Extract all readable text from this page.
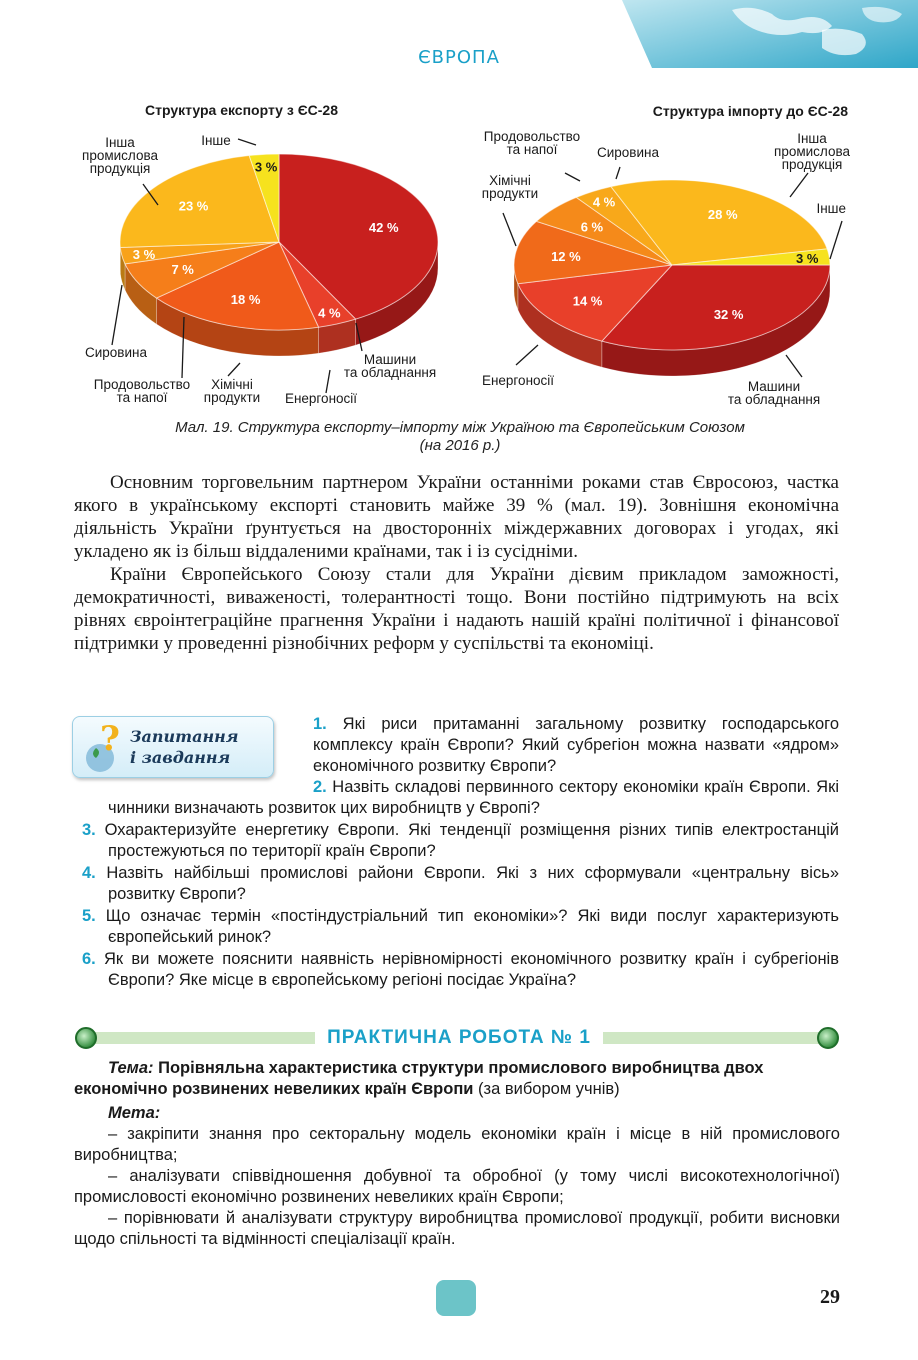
ЄВРОПА
Структура експорту з ЄС-28	Структура імпорту до ЄС-28
42 %
4 %
18 %
7 %
3 %
23 %
3 %
32 %
14 %
12 %
6 %
4 %
28 %
3 %
Інше
Інша промислова продукція
Сировина
Продовольство та напої
Хімічні продукти Енергоносії
Машини та обладнання
Продовольство та напої	Сировина
Хімічні продукти
Інша промислова продукція
Інше
Енергоносії	Машини та обладнання
Мал. 19. Структура експорту–імпорту між Україною та Європейським Союзом
(на 2016 р.)

Основним торговельним партнером України останніми роками став Євросоюз, частка якого в українському експорті становить майже 39 % (мал. 19). Зовнішня економічна діяльність України ґрунтується на двосторонніх міждержавних договорах і угодах, які укладено як із більш віддаленими країнами, так і із сусідніми.

Країни Європейського Союзу стали для України дієвим прикладом заможності, демократичності, виваженості, толерантності тощо. Вони постійно підтримують на всіх рівнях євроінтеграційне прагнення України і надають нашій країні політичної і фінансової підтримки у проведенні різнобічних реформ у суспільстві та економіці.

? Запитання
і завдання
1. Які риси притаманні загальному розвитку господарського комплексу країн Європи? Який субрегіон можна назвати «ядром» економічного розвитку Європи?
2. Назвіть складові первинного сектору економіки країн Європи. Які чинники визначають розвиток цих виробництв у Європі?
3. Охарактеризуйте енергетику Європи. Які тенденції розміщення різних типів електростанцій простежуються по території країн Європи?
4. Назвіть найбільші промислові райони Європи. Які з них сформували «центральну вісь» розвитку Європи?
5. Що означає термін «постіндустріальний тип економіки»? Які види послуг характеризують європейський ринок?
6. Як ви можете пояснити наявність нерівномірності економічного розвитку країн і субрегіонів Європи? Яке місце в європейському регіоні посідає Україна?
ПРАКТИЧНА РОБОТА № 1
Тема: Порівняльна характеристика структури промислового виробництва двох економічно розвинених невеликих країн Європи (за вибором учнів)
Мета:
– закріпити знання про секторальну модель економіки країн і місце в ній промислового виробництва;
– аналізувати співвідношення добувної та обробної (у тому числі високотехнологічної) промисловості економічно розвинених невеликих країн Європи;
– порівнювати й аналізувати структуру виробництва промислової продукції, робити висновки щодо спільності та відмінності спеціалізації країн.
29
